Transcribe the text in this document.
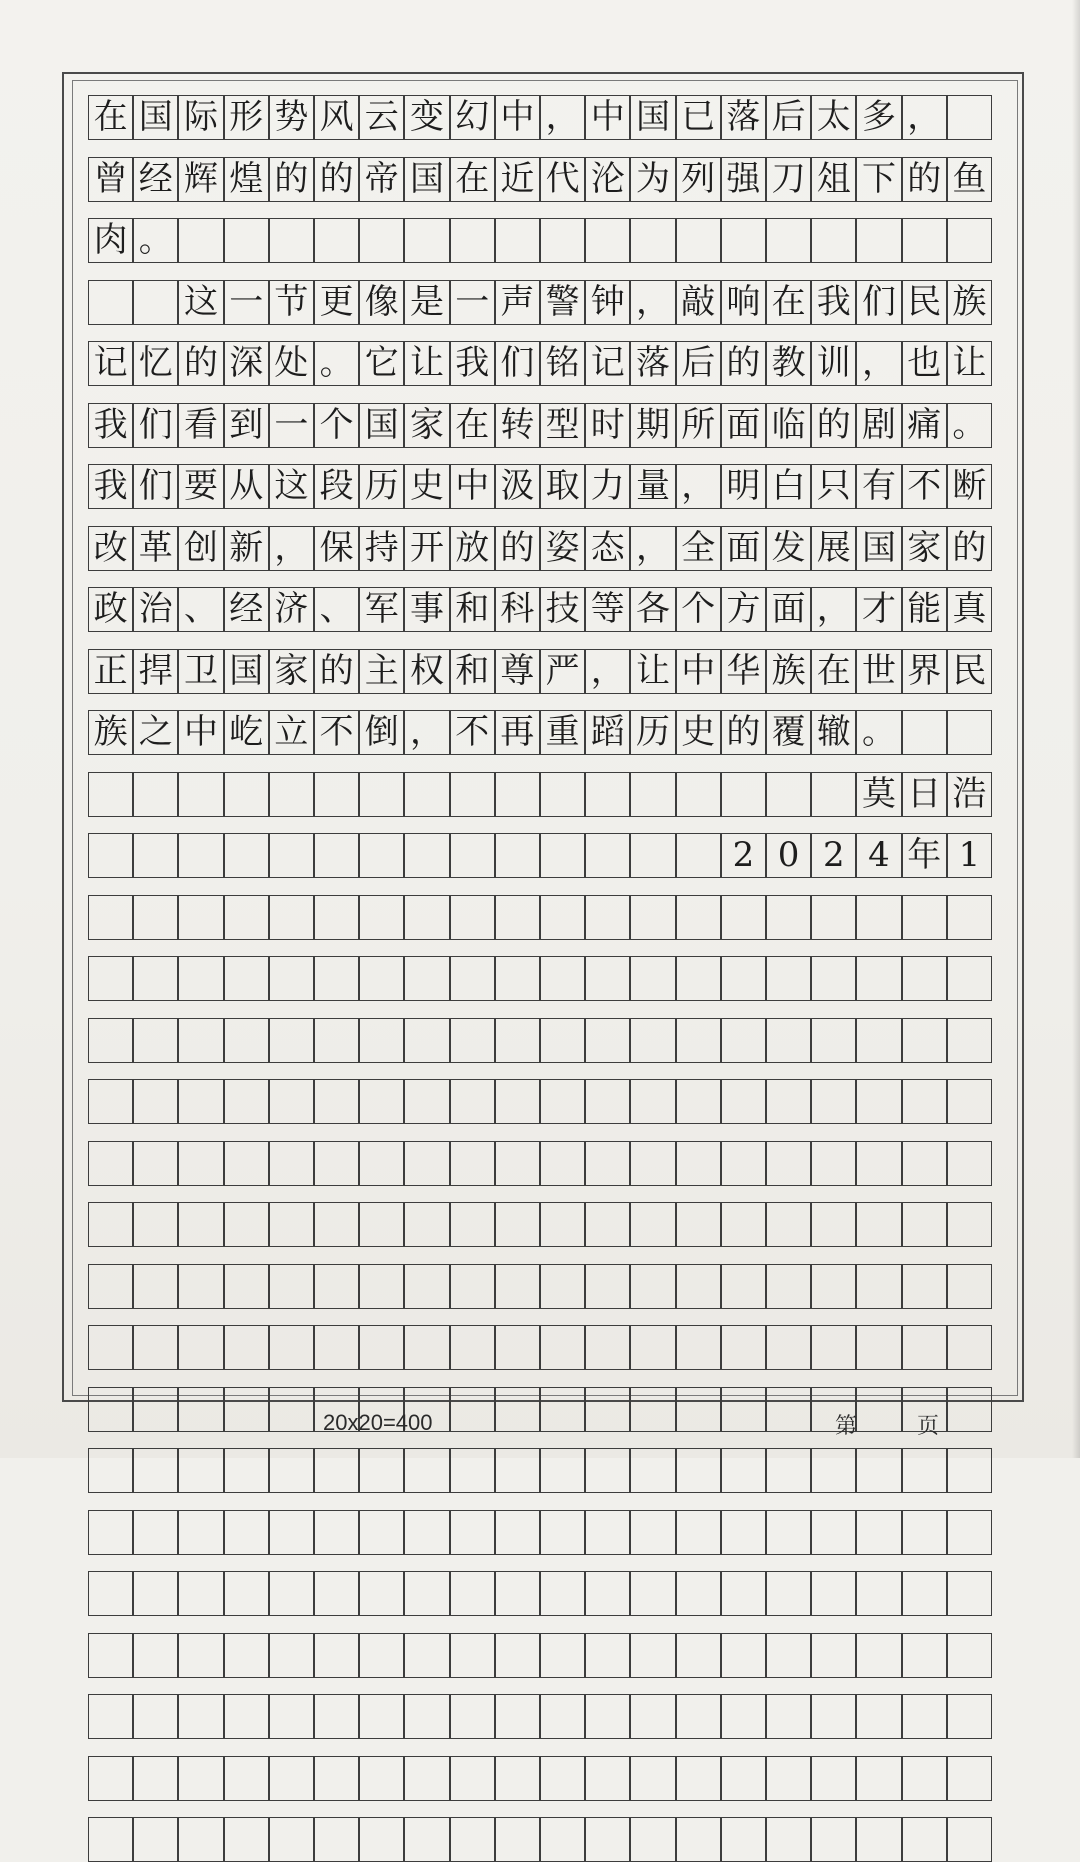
在 国 际 形 势 风 云 变 幻 中 ， 中 国 已 落 后 太 多 ，
曾 经 辉 煌 的 的 帝 国 在 近 代 沦 为 列 强 刀 俎 下 的 鱼
肉 。
这 一 节 更 像 是 一 声 警 钟 ， 敲 响 在 我 们 民 族
记 忆 的 深 处 。 它 让 我 们 铭 记 落 后 的 教 训 ， 也 让
我 们 看 到 一 个 国 家 在 转 型 时 期 所 面 临 的 剧 痛 。
我 们 要 从 这 段 历 史 中 汲 取 力 量 ， 明 白 只 有 不 断
改 革 创 新 ， 保 持 开 放 的 姿 态 ， 全 面 发 展 国 家 的
政 治 、 经 济 、 军 事 和 科 技 等 各 个 方 面 ， 才 能 真
正 捍 卫 国 家 的 主 权 和 尊 严 ， 让 中 华 族 在 世 界 民
族 之 中 屹 立 不 倒 ， 不 再 重 蹈 历 史 的 覆 辙 。
莫 日 浩
2 0 2 4 年 1
20x20=400	第	页
